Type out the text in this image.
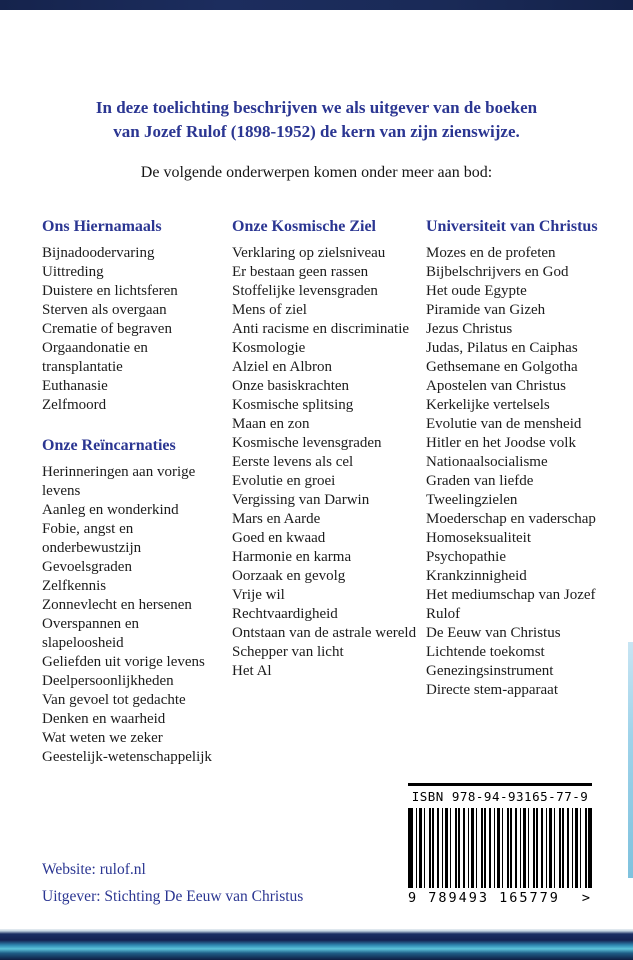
In deze toelichting beschrijven we als uitgever van de boeken
van Jozef Rulof (1898-1952) de kern van zijn zienswijze.
De volgende onderwerpen komen onder meer aan bod:
Ons Hiernamaals
Bijnadoodervaring
Uittreding
Duistere en lichtsferen
Sterven als overgaan
Crematie of begraven
Orgaandonatie en transplantatie
Euthanasie
Zelfmoord
Onze Reïncarnaties
Herinneringen aan vorige levens
Aanleg en wonderkind
Fobie, angst en onderbewustzijn
Gevoelsgraden
Zelfkennis
Zonnevlecht en hersenen
Overspannen en slapeloosheid
Geliefden uit vorige levens
Deelpersoonlijkheden
Van gevoel tot gedachte
Denken en waarheid
Wat weten we zeker
Geestelijk-wetenschappelijk
Onze Kosmische Ziel
Verklaring op zielsniveau
Er bestaan geen rassen
Stoffelijke levensgraden
Mens of ziel
Anti racisme en discriminatie
Kosmologie
Alziel en Albron
Onze basiskrachten
Kosmische splitsing
Maan en zon
Kosmische levensgraden
Eerste levens als cel
Evolutie en groei
Vergissing van Darwin
Mars en Aarde
Goed en kwaad
Harmonie en karma
Oorzaak en gevolg
Vrije wil
Rechtvaardigheid
Ontstaan van de astrale wereld
Schepper van licht
Het Al
Universiteit van Christus
Mozes en de profeten
Bijbelschrijvers en God
Het oude Egypte
Piramide van Gizeh
Jezus Christus
Judas, Pilatus en Caiphas
Gethsemane en Golgotha
Apostelen van Christus
Kerkelijke vertelsels
Evolutie van de mensheid
Hitler en het Joodse volk
Nationaalsocialisme
Graden van liefde
Tweelingzielen
Moederschap en vaderschap
Homoseksualiteit
Psychopathie
Krankzinnigheid
Het mediumschap van Jozef Rulof
De Eeuw van Christus
Lichtende toekomst
Genezingsinstrument
Directe stem-apparaat
Website: rulof.nl
Uitgever: Stichting De Eeuw van Christus
ISBN 978-94-93165-77-9
9 789493 165779 >
